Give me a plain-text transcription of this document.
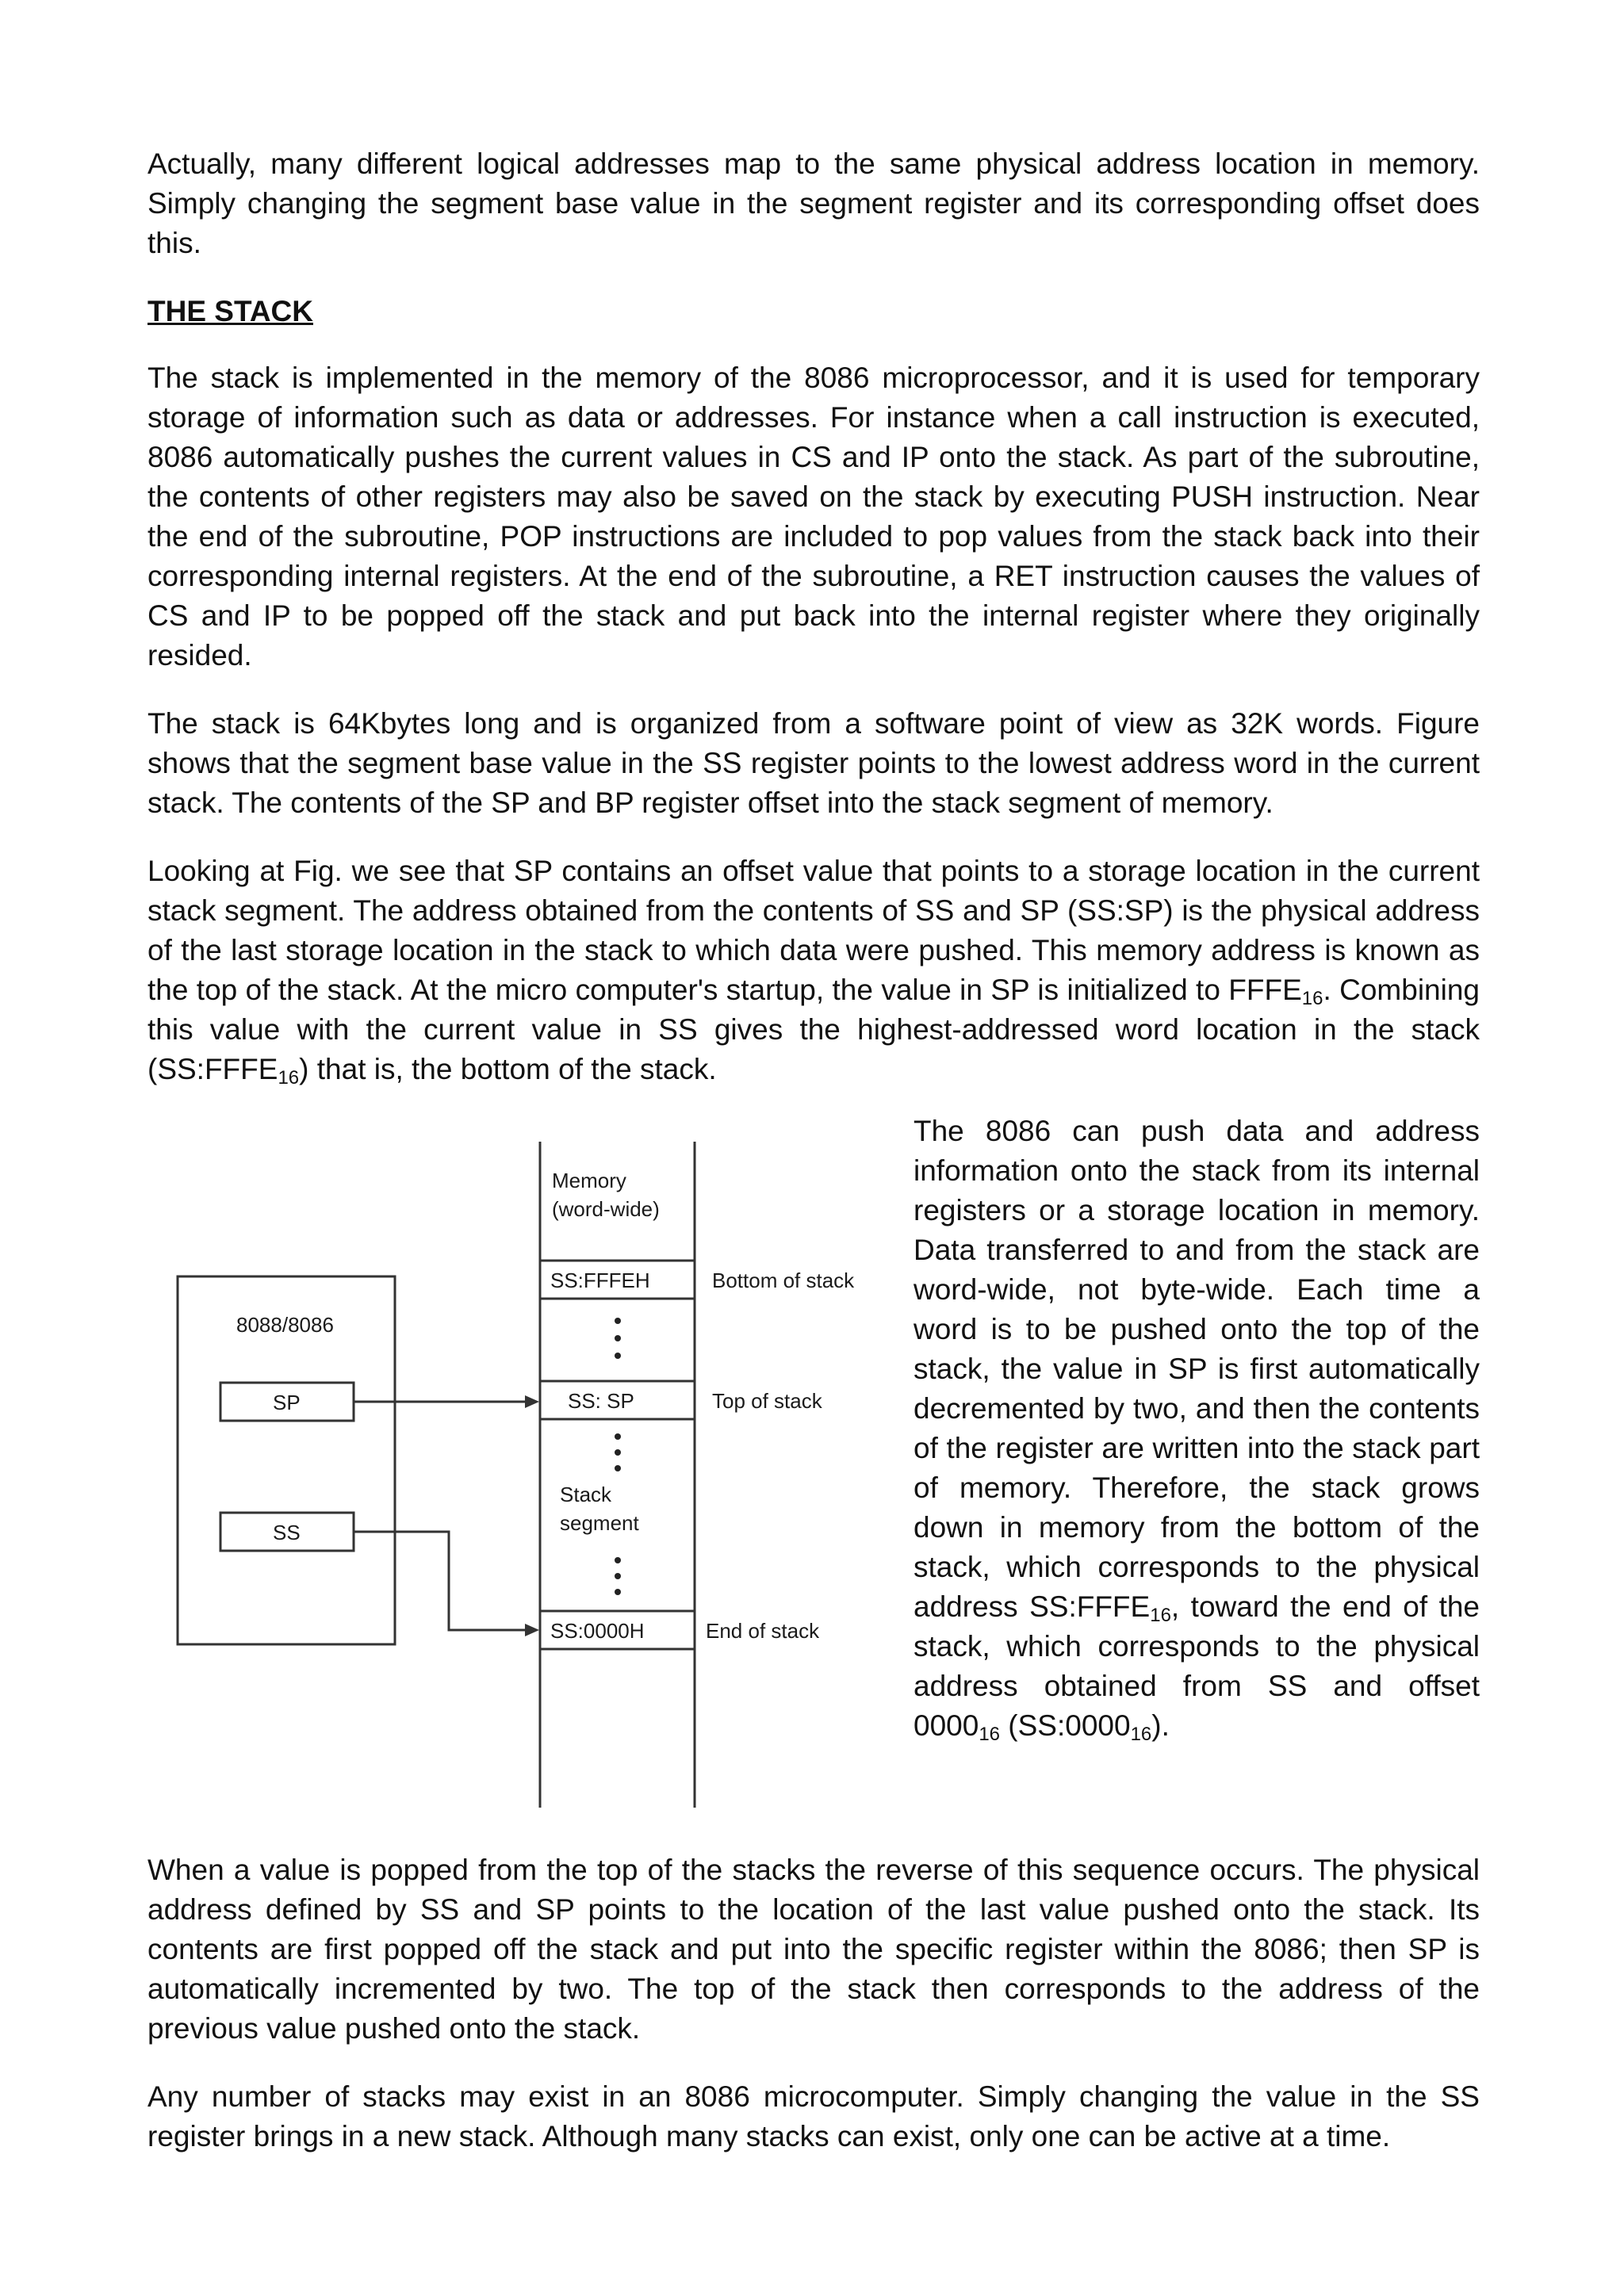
Actually, many different logical addresses map to the same physical address location in memory. Simply changing the segment base value in the segment register and its corresponding offset does this.

THE STACK

The stack is implemented in the memory of the 8086 microprocessor, and it is used for temporary storage of information such as data or addresses. For instance when a call instruction is executed, 8086 automatically pushes the current values in CS and IP onto the stack. As part of the subroutine, the contents of other registers may also be saved on the stack by executing PUSH instruction. Near the end of the subroutine, POP instructions are included to pop values from the stack back into their corresponding internal registers. At the end of the subroutine, a RET instruction causes the values of CS and IP to be popped off the stack and put back into the internal register where they originally resided.

The stack is 64Kbytes long and is organized from a software point of view as 32K words. Figure shows that the segment base value in the SS register points to the lowest address word in the current stack. The contents of the SP and BP register offset into the stack segment of memory.

Looking at Fig. we see that SP contains an offset value that points to a storage location in the current stack segment. The address obtained from the contents of SS and SP (SS:SP) is the physical address of the last storage location in the stack to which data were pushed. This memory address is known as the top of the stack. At the micro computer's startup, the value in SP is initialized to $FFFE_{16}$. Combining this value with the current value in SS gives the highest-addressed word location in the stack $(SS:FFFE_{16})$ that is, the bottom of the stack.

8088/8086
SP
SS
Memory
(word-wide)
SS:FFFEH
SS: SP
Stack
segment
SS:0000H
Bottom of stack
Top of stack
End of stack

The 8086 can push data and address information onto the stack from its internal registers or a storage location in memory. Data transferred to and from the stack are word-wide, not byte-wide. Each time a word is to be pushed onto the top of the stack, the value in SP is first automatically decremented by two, and then the contents of the register are written into the stack part of memory. Therefore, the stack grows down in memory from the bottom of the stack, which corresponds to the physical address $SS:FFFE_{16}$, toward the end of the stack, which corresponds to the physical address obtained from SS and offset $0000_{16}$ $(SS:0000_{16})$.

When a value is popped from the top of the stacks the reverse of this sequence occurs. The physical address defined by SS and SP points to the location of the last value pushed onto the stack. Its contents are first popped off the stack and put into the specific register within the 8086; then SP is automatically incremented by two. The top of the stack then corresponds to the address of the previous value pushed onto the stack.

Any number of stacks may exist in an 8086 microcomputer. Simply changing the value in the SS register brings in a new stack. Although many stacks can exist, only one can be active at a time.
